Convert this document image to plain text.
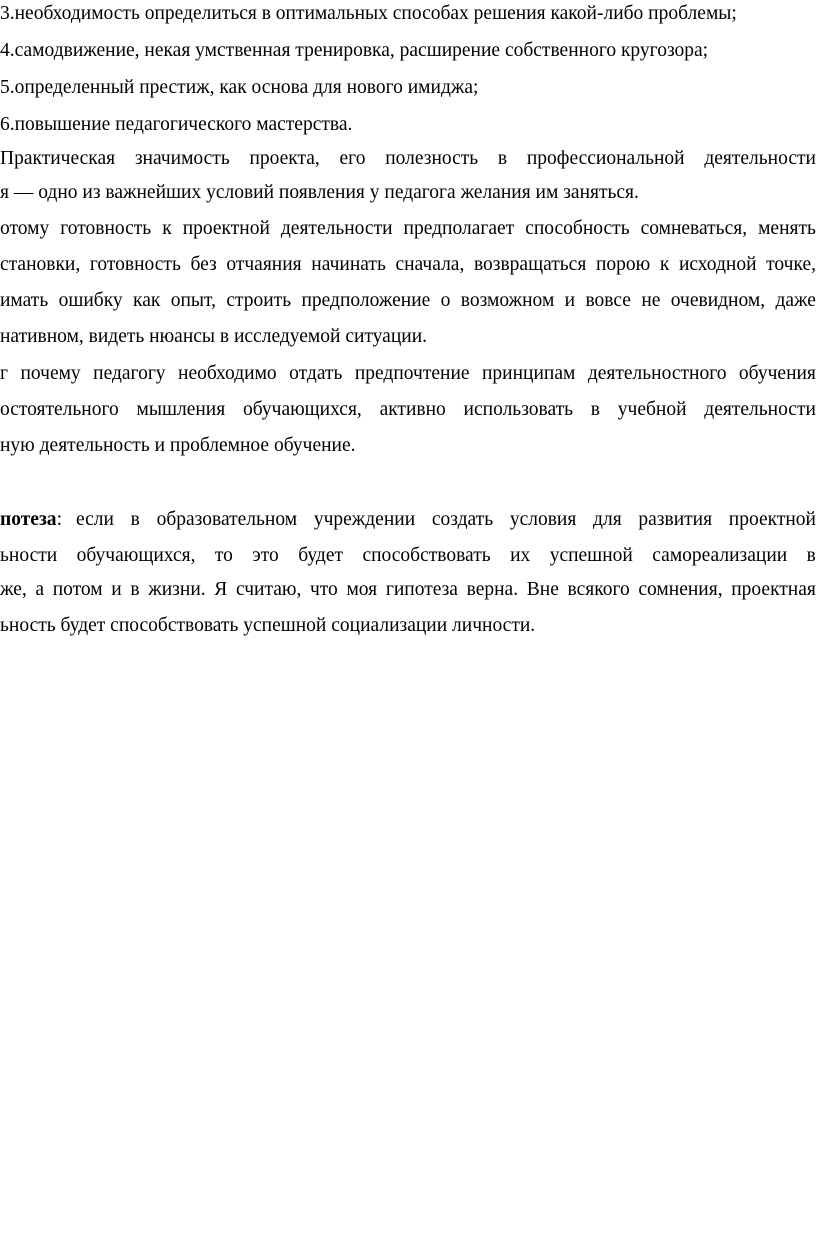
3.необходимость определиться в оптимальных способах решения какой-либо проблемы;
4.самодвижение, некая умственная тренировка, расширение собственного кругозора;
5.определенный престиж, как основа для нового имиджа;
6.повышение педагогического мастерства.
Практическая значимость проекта, его полезность в профессиональной деятельности
я — одно из важнейших условий появления у педагога желания им заняться.
отому готовность к проектной деятельности предполагает способность сомневаться, менять
становки, готовность без отчаяния начинать сначала, возвращаться порою к исходной точке,
имать ошибку как опыт, строить предположение о возможном и вовсе не очевидном, даже
нативном, видеть нюансы в исследуемой ситуации.
г почему педагогу необходимо отдать предпочтение принципам деятельностного обучения
остоятельного мышления обучающихся, активно использовать в учебной деятельности
ную деятельность и проблемное обучение.
потеза: если в образовательном учреждении создать условия для развития проектной
ьности обучающихся, то это будет способствовать их успешной самореализации в
же, а потом и в жизни. Я считаю, что моя гипотеза верна. Вне всякого сомнения, проектная
ьность будет способствовать успешной социализации личности.
